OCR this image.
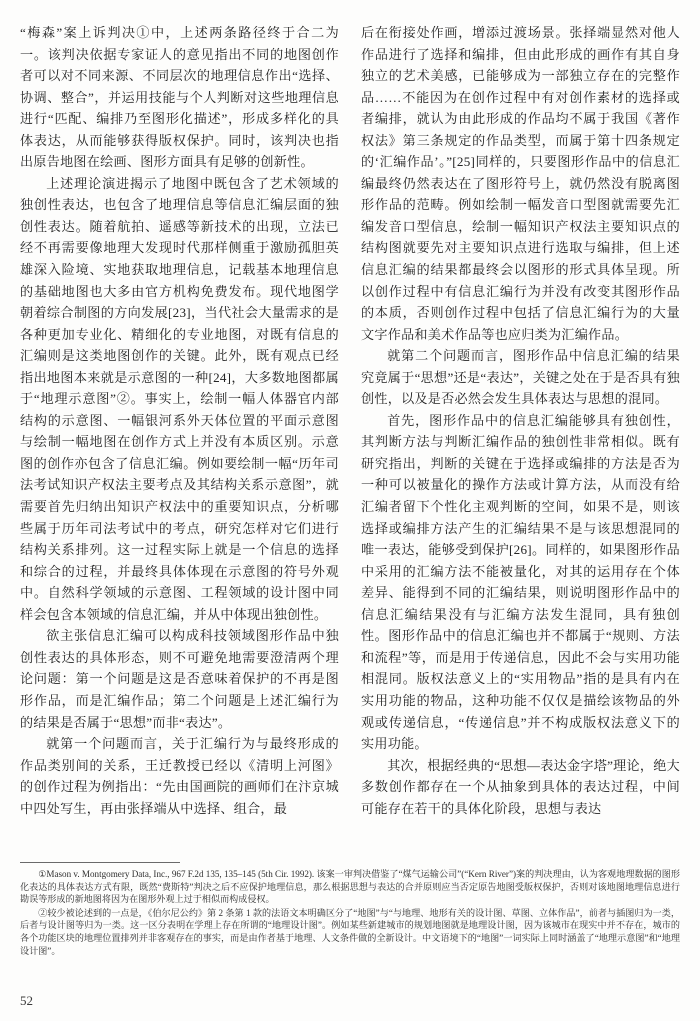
“梅森”案上诉判决①中，上述两条路径终于合二为一。该判决依据专家证人的意见指出不同的地图创作者可以对不同来源、不同层次的地理信息作出“选择、协调、整合”，并运用技能与个人判断对这些地理信息进行“匹配、编排乃至图形化描述”，形成多样化的具体表达，从而能够获得版权保护。同时，该判决也指出原告地图在绘画、图形方面具有足够的创新性。

上述理论演进揭示了地图中既包含了艺术领域的独创性表达，也包含了地理信息等信息汇编层面的独创性表达。随着航拍、遥感等新技术的出现，立法已经不再需要像地理大发现时代那样侧重于激励孤胆英雄深入险境、实地获取地理信息，记载基本地理信息的基础地图也大多由官方机构免费发布。现代地图学朝着综合制图的方向发展[23]，当代社会大量需求的是各种更加专业化、精细化的专业地图，对既有信息的汇编则是这类地图创作的关键。此外，既有观点已经指出地图本来就是示意图的一种[24]，大多数地图都属于“地理示意图”②。事实上，绘制一幅人体器官内部结构的示意图、一幅银河系外天体位置的平面示意图与绘制一幅地图在创作方式上并没有本质区别。示意图的创作亦包含了信息汇编。例如要绘制一幅“历年司法考试知识产权法主要考点及其结构关系示意图”，就需要首先归纳出知识产权法中的重要知识点，分析哪些属于历年司法考试中的考点，研究怎样对它们进行结构关系排列。这一过程实际上就是一个信息的选择和综合的过程，并最终具体体现在示意图的符号外观中。自然科学领域的示意图、工程领域的设计图中同样会包含本领域的信息汇编，并从中体现出独创性。

欲主张信息汇编可以构成科技领域图形作品中独创性表达的具体形态，则不可避免地需要澄清两个理论问题：第一个问题是这是否意味着保护的不再是图形作品，而是汇编作品；第二个问题是上述汇编行为的结果是否属于“思想”而非“表达”。

就第一个问题而言，关于汇编行为与最终形成的作品类别间的关系，王迁教授已经以《清明上河图》的创作过程为例指出：“先由国画院的画师们在汴京城中四处写生，再由张择端从中选择、组合，最

后在衔接处作画，增添过渡场景。张择端显然对他人作品进行了选择和编排，但由此形成的画作有其自身独立的艺术美感，已能够成为一部独立存在的完整作品……不能因为在创作过程中有对创作素材的选择或者编排，就认为由此形成的作品均不属于我国《著作权法》第三条规定的作品类型，而属于第十四条规定的‘汇编作品’。”[25]同样的，只要图形作品中的信息汇编最终仍然表达在了图形符号上，就仍然没有脱离图形作品的范畴。例如绘制一幅发音口型图就需要先汇编发音口型信息，绘制一幅知识产权法主要知识点的结构图就要先对主要知识点进行选取与编排，但上述信息汇编的结果都最终会以图形的形式具体呈现。所以创作过程中有信息汇编行为并没有改变其图形作品的本质，否则创作过程中包括了信息汇编行为的大量文字作品和美术作品等也应归类为汇编作品。

就第二个问题而言，图形作品中信息汇编的结果究竟属于“思想”还是“表达”，关键之处在于是否具有独创性，以及是否必然会发生具体表达与思想的混同。

首先，图形作品中的信息汇编能够具有独创性，其判断方法与判断汇编作品的独创性非常相似。既有研究指出，判断的关键在于选择或编排的方法是否为一种可以被量化的操作方法或计算方法，从而没有给汇编者留下个性化主观判断的空间，如果不是，则该选择或编排方法产生的汇编结果不是与该思想混同的唯一表达，能够受到保护[26]。同样的，如果图形作品中采用的汇编方法不能被量化，对其的运用存在个体差异、能得到不同的汇编结果，则说明图形作品中的信息汇编结果没有与汇编方法发生混同，具有独创性。图形作品中的信息汇编也并不都属于“规则、方法和流程”等，而是用于传递信息，因此不会与实用功能相混同。版权法意义上的“实用物品”指的是具有内在实用功能的物品，这种功能不仅仅是描绘该物品的外观或传递信息，“传递信息”并不构成版权法意义下的实用功能。

其次，根据经典的“思想—表达金字塔”理论，绝大多数创作都存在一个从抽象到具体的表达过程，中间可能存在若干的具体化阶段，思想与表达

①Mason v. Montgomery Data, Inc., 967 F.2d 135, 135–145 (5th Cir. 1992). 该案一审判决借鉴了“煤气运输公司”(“Kern River”)案的判决理由，认为客观地理数据的图形化表达的具体表达方式有限，既然“费斯特”判决之后不应保护地理信息，那么根据思想与表达的合并原则应当否定原告地图受版权保护，否则对该地图地理信息进行勘误等形成的新地图将因为在图形外观上过于相似而构成侵权。

②较少被论述到的一点是，《伯尔尼公约》第 2 条第 1 款的法语文本明确区分了“地图”与“与地理、地形有关的设计图、草图、立体作品”，前者与插图归为一类，后者与设计图等归为一类。这一区分表明在学理上存在所谓的“地理设计图”。例如某些新建城市的规划地图就是地理设计图，因为该城市在现实中并不存在，城市的各个功能区块的地理位置排列并非客观存在的事实，而是由作者基于地理、人文条件做的全新设计。中文语境下的“地图”一词实际上同时涵盖了“地理示意图”和“地理设计图”。

52
